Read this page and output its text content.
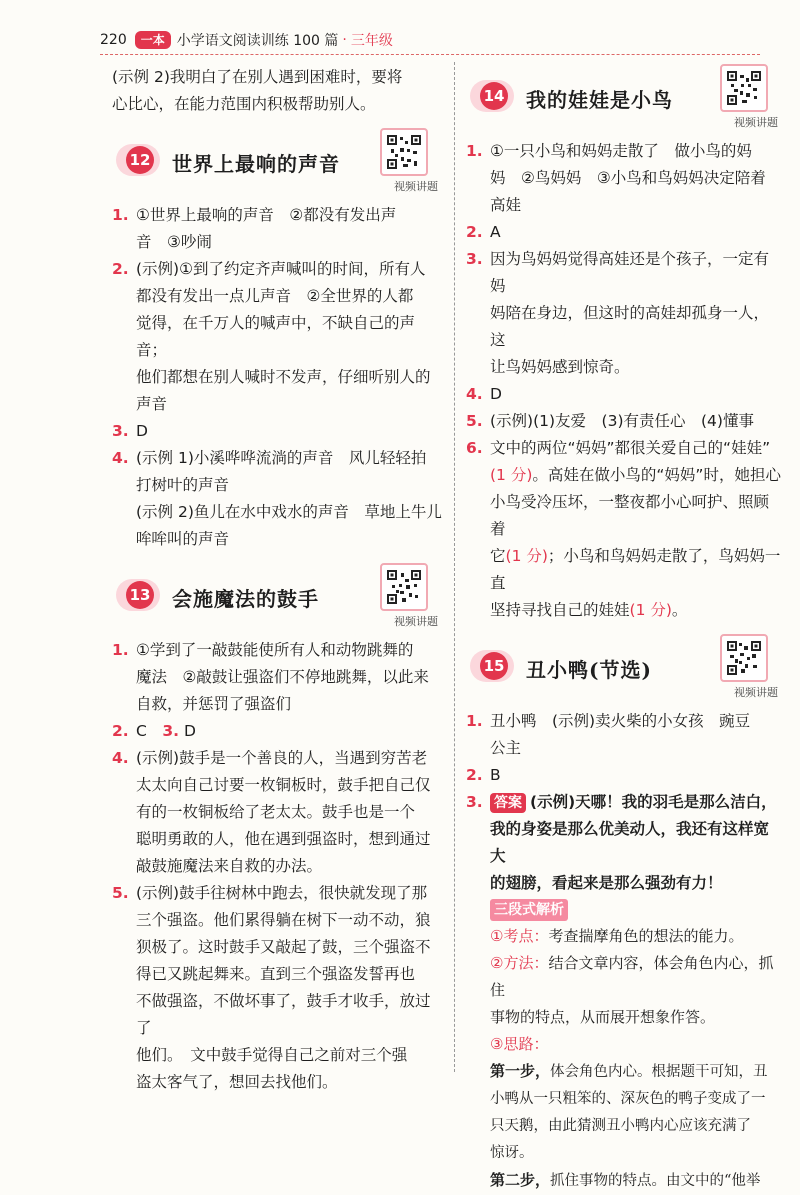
220	一本 小学语文阅读训练 100 篇 · 三年级

(示例 2)我明白了在别人遇到困难时，要将

心比心，在能力范围内积极帮助别人。

12 世界上最响的声音
视频讲题
1. ①世界上最响的声音　②都没有发出声
音　③吵闹
2. (示例)①到了约定齐声喊叫的时间，所有人
都没有发出一点儿声音　②全世界的人都
觉得，在千万人的喊声中，不缺自己的声音；
他们都想在别人喊时不发声，仔细听别人的
声音
3. D
4. (示例 1)小溪哗哗流淌的声音　风儿轻轻拍
打树叶的声音
(示例 2)鱼儿在水中戏水的声音　草地上牛儿
哞哞叫的声音
13 会施魔法的鼓手
视频讲题
1. ①学到了一敲鼓能使所有人和动物跳舞的
魔法　②敲鼓让强盗们不停地跳舞，以此来
自救，并惩罚了强盗们
2. C　3. D
4. (示例)鼓手是一个善良的人，当遇到穷苦老
太太向自己讨要一枚铜板时，鼓手把自己仅
有的一枚铜板给了老太太。鼓手也是一个
聪明勇敢的人，他在遇到强盗时，想到通过
敲鼓施魔法来自救的办法。
5. (示例)鼓手往树林中跑去，很快就发现了那
三个强盗。他们累得躺在树下一动不动，狼
狈极了。这时鼓手又敲起了鼓，三个强盗不
得已又跳起舞来。直到三个强盗发誓再也
不做强盗，不做坏事了，鼓手才收手，放过了
他们。　文中鼓手觉得自己之前对三个强
盗太客气了，想回去找他们。
14 我的娃娃是小鸟
视频讲题
1. ①一只小鸟和妈妈走散了　做小鸟的妈
妈　②鸟妈妈　③小鸟和鸟妈妈决定陪着
高娃
2. A
3. 因为鸟妈妈觉得高娃还是个孩子，一定有妈
妈陪在身边，但这时的高娃却孤身一人，这
让鸟妈妈感到惊奇。
4. D
5. (示例)(1)友爱　(3)有责任心　(4)懂事
6. 文中的两位“妈妈”都很关爱自己的“娃娃”
(1 分)。高娃在做小鸟的“妈妈”时，她担心
小鸟受冷压坏，一整夜都小心呵护、照顾着
它(1 分)；小鸟和鸟妈妈走散了，鸟妈妈一直
坚持寻找自己的娃娃(1 分)。
15 丑小鸭(节选)
视频讲题
1. 丑小鸭　(示例)卖火柴的小女孩　豌豆
公主
2. B
3. 答案 (示例)天哪！我的羽毛是那么洁白，
我的身姿是那么优美动人，我还有这样宽大
的翅膀，看起来是那么强劲有力！
三段式解析

①考点：考查揣摩角色的想法的能力。

②方法：结合文章内容，体会角色内心，抓住

事物的特点，从而展开想象作答。

③思路：

第一步，体会角色内心。根据题干可知，丑

小鸭从一只粗笨的、深灰色的鸭子变成了一

只天鹅，由此猜测丑小鸭内心应该充满了

惊讶。

第二步，抓住事物的特点。由文中的“他举
